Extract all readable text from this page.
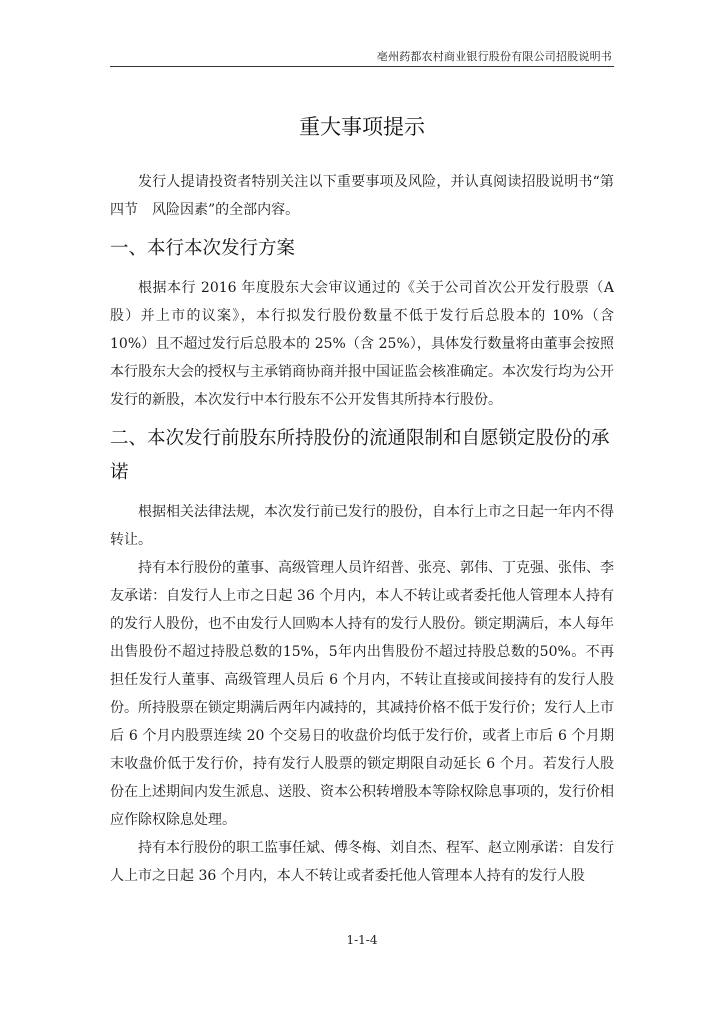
亳州药都农村商业银行股份有限公司招股说明书
重大事项提示

发行人提请投资者特别关注以下重要事项及风险，并认真阅读招股说明书“第四节　风险因素”的全部内容。

一、本行本次发行方案

根据本行 2016 年度股东大会审议通过的《关于公司首次公开发行股票（A 股）并上市的议案》，本行拟发行股份数量不低于发行后总股本的 10%（含 10%）且不超过发行后总股本的 25%（含 25%），具体发行数量将由董事会按照本行股东大会的授权与主承销商协商并报中国证监会核准确定。本次发行均为公开发行的新股，本次发行中本行股东不公开发售其所持本行股份。

二、本次发行前股东所持股份的流通限制和自愿锁定股份的承诺

根据相关法律法规，本次发行前已发行的股份，自本行上市之日起一年内不得转让。

持有本行股份的董事、高级管理人员许绍普、张亮、郭伟、丁克强、张伟、李友承诺：自发行人上市之日起 36 个月内，本人不转让或者委托他人管理本人持有的发行人股份，也不由发行人回购本人持有的发行人股份。锁定期满后，本人每年出售股份不超过持股总数的15%，5年内出售股份不超过持股总数的50%。不再担任发行人董事、高级管理人员后 6 个月内，不转让直接或间接持有的发行人股份。所持股票在锁定期满后两年内减持的，其减持价格不低于发行价；发行人上市后 6 个月内股票连续 20 个交易日的收盘价均低于发行价，或者上市后 6 个月期末收盘价低于发行价，持有发行人股票的锁定期限自动延长 6 个月。若发行人股份在上述期间内发生派息、送股、资本公积转增股本等除权除息事项的，发行价相应作除权除息处理。

持有本行股份的职工监事任斌、傅冬梅、刘自杰、程军、赵立刚承诺：自发行人上市之日起 36 个月内，本人不转让或者委托他人管理本人持有的发行人股

1-1-4
